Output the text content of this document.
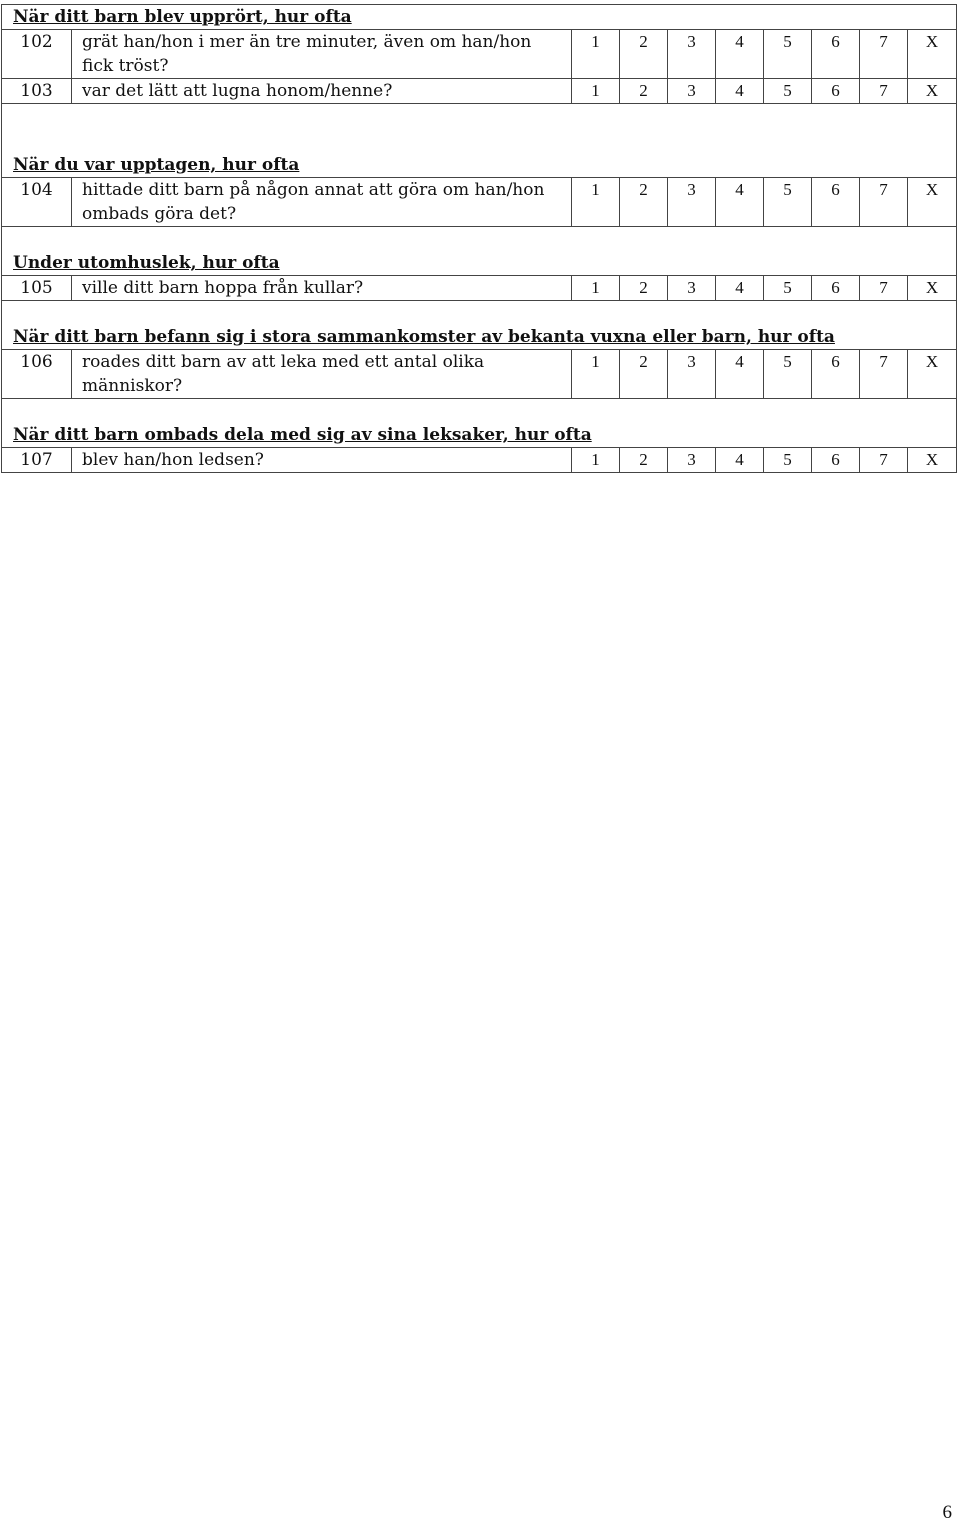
När ditt barn blev upprört, hur ofta									
102	grät han/hon i mer än tre minuter, även om han/hon fick tröst?	1	2	3	4	5	6	7	X
103	var det lätt att lugna honom/henne?	1	2	3	4	5	6	7	X

När du var upptagen, hur ofta									
104	hittade ditt barn på någon annat att göra om han/hon ombads göra det?	1	2	3	4	5	6	7	X

Under utomhuslek, hur ofta									
105	ville ditt barn hoppa från kullar?	1	2	3	4	5	6	7	X

När ditt barn befann sig i stora sammankomster av bekanta vuxna eller barn, hur ofta									
106	roades ditt barn av att leka med ett antal olika människor?	1	2	3	4	5	6	7	X

När ditt barn ombads dela med sig av sina leksaker, hur ofta									
107	blev han/hon ledsen?	1	2	3	4	5	6	7	X
6
